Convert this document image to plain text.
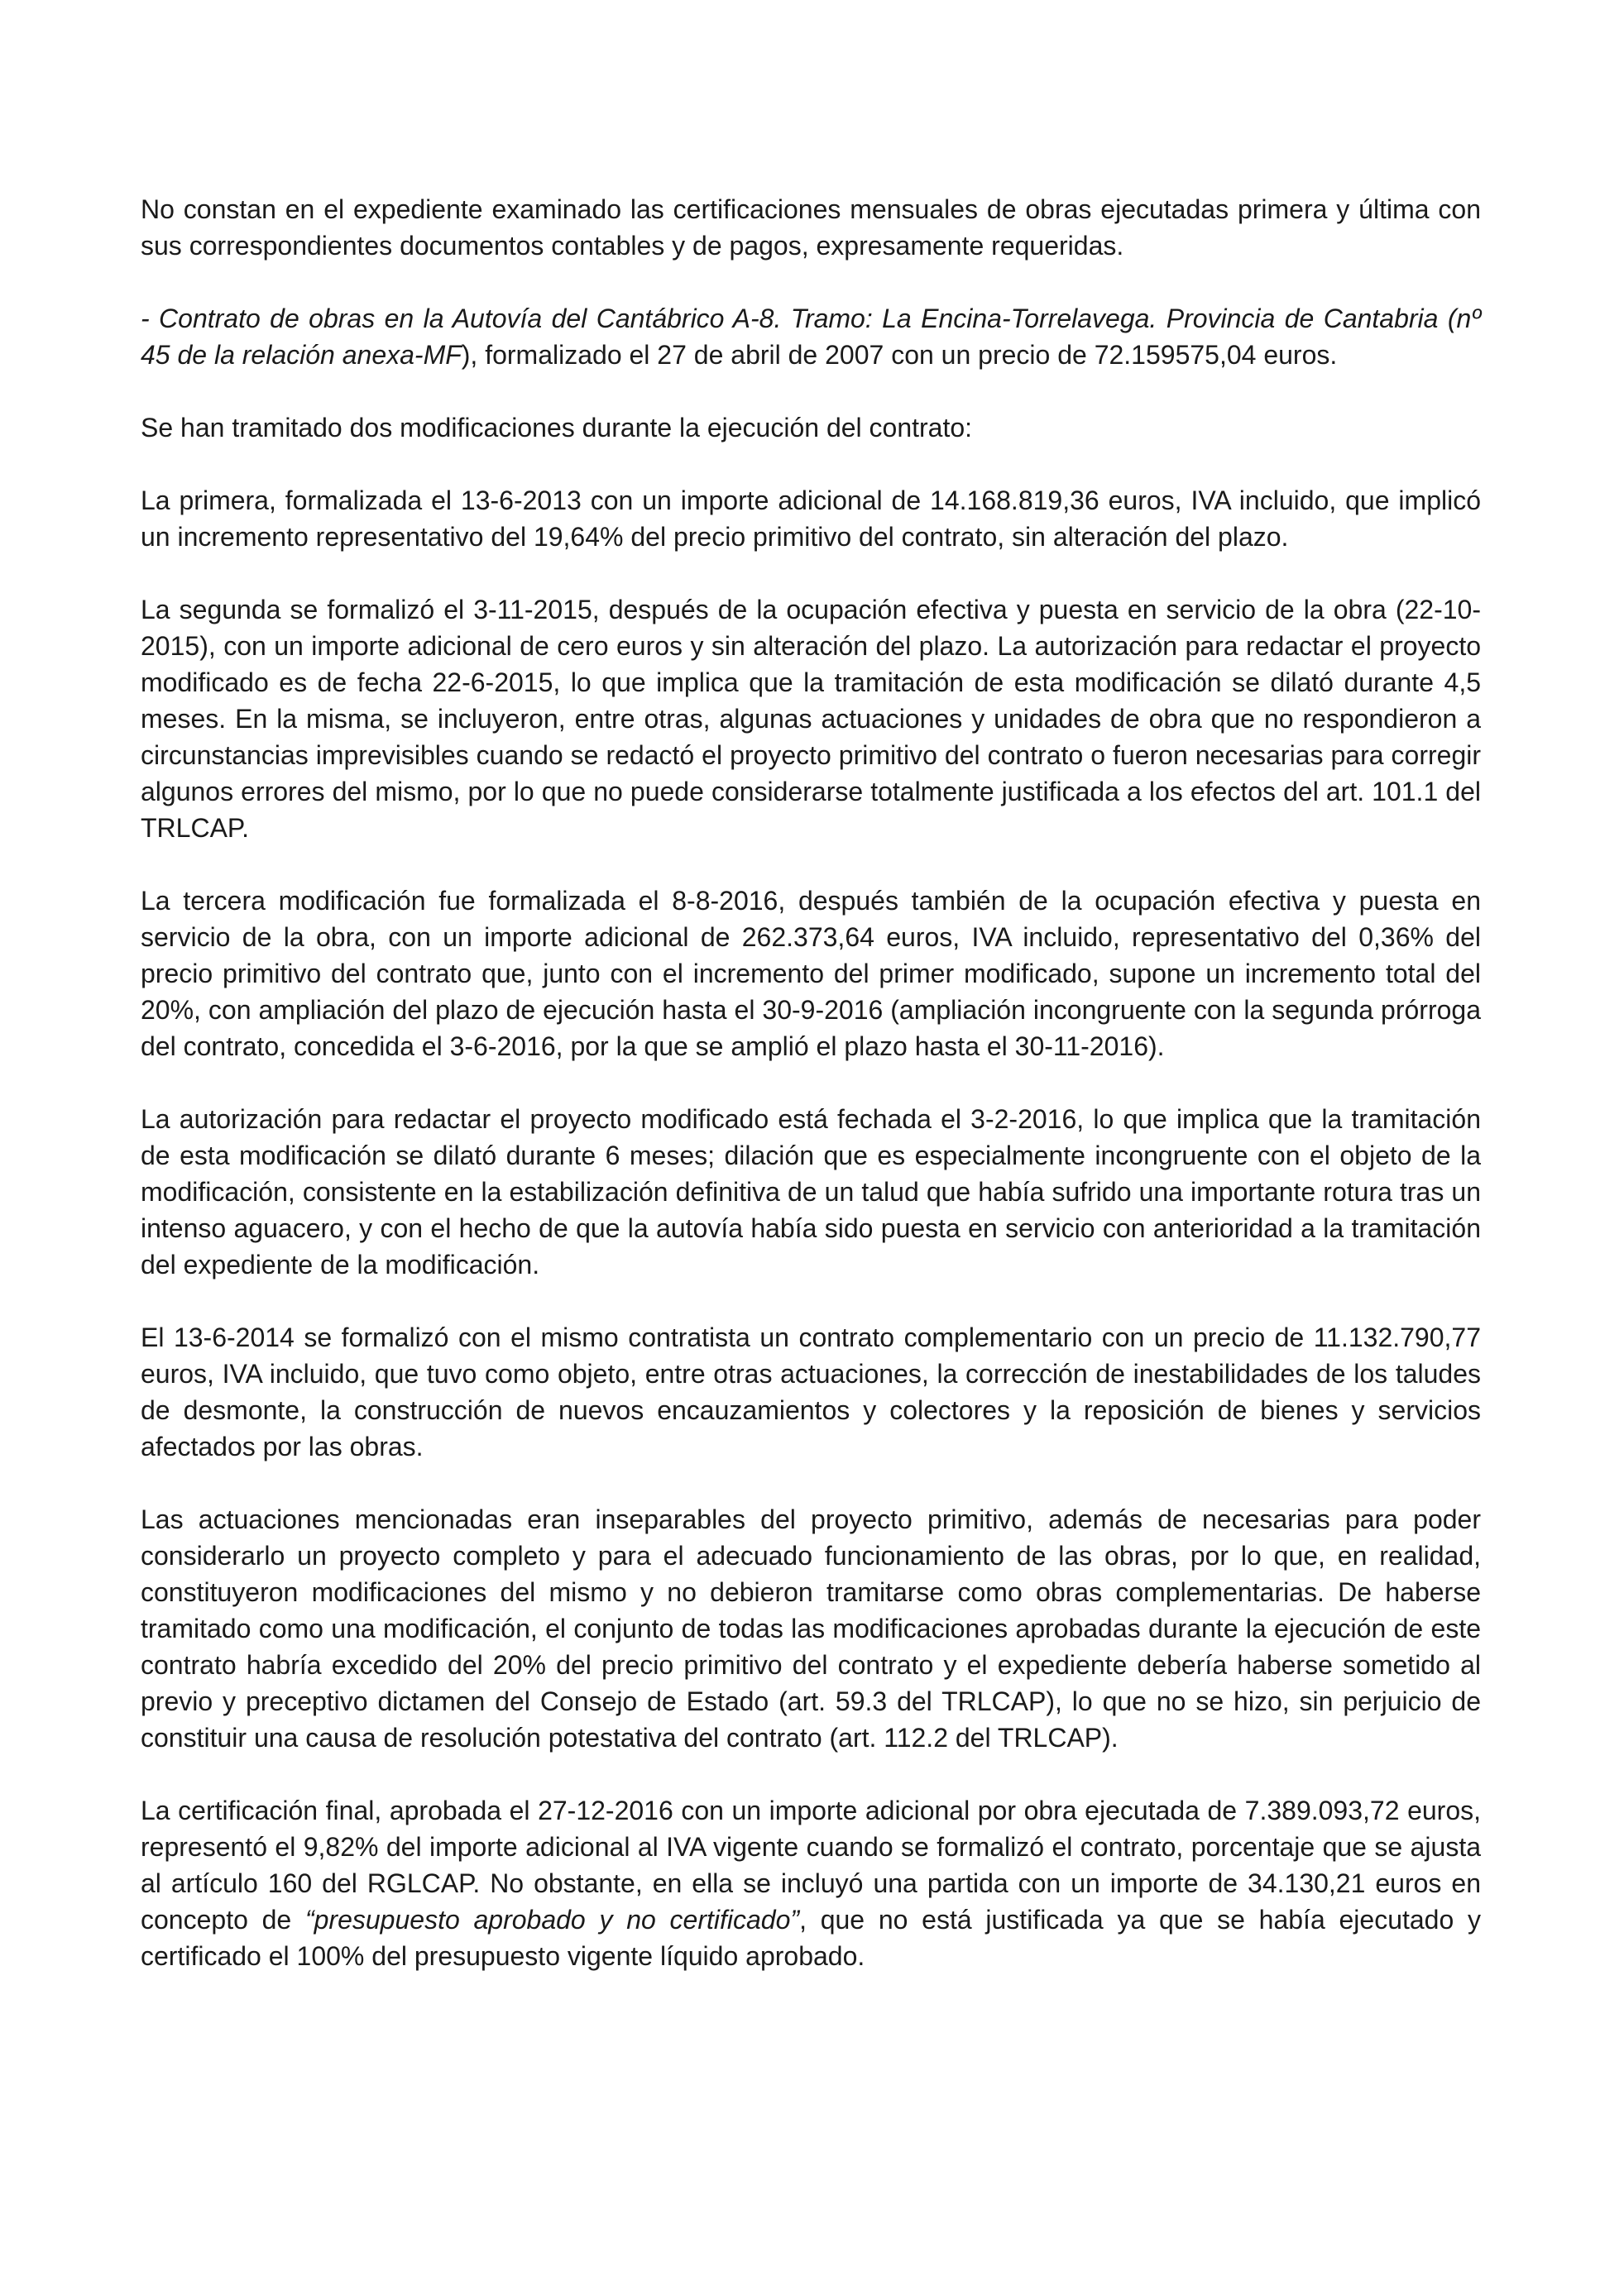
No constan en el expediente examinado las certificaciones mensuales de obras ejecutadas primera y última con sus correspondientes documentos contables y de pagos, expresamente requeridas.

- Contrato de obras en la Autovía del Cantábrico A-8. Tramo: La Encina-Torrelavega. Provincia de Cantabria (nº 45 de la relación anexa-MF), formalizado el 27 de abril de 2007 con un precio de 72.159575,04 euros.

Se han tramitado dos modificaciones durante la ejecución del contrato:

La primera, formalizada el 13-6-2013 con un importe adicional de 14.168.819,36 euros, IVA incluido, que implicó un incremento representativo del 19,64% del precio primitivo del contrato, sin alteración del plazo.

La segunda se formalizó el 3-11-2015, después de la ocupación efectiva y puesta en servicio de la obra (22-10-2015), con un importe adicional de cero euros y sin alteración del plazo. La autorización para redactar el proyecto modificado es de fecha 22-6-2015, lo que implica que la tramitación de esta modificación se dilató durante 4,5 meses. En la misma, se incluyeron, entre otras, algunas actuaciones y unidades de obra que no respondieron a circunstancias imprevisibles cuando se redactó el proyecto primitivo del contrato o fueron necesarias para corregir algunos errores del mismo, por lo que no puede considerarse totalmente justificada a los efectos del art. 101.1 del TRLCAP.

La tercera modificación fue formalizada el 8-8-2016, después también de la ocupación efectiva y puesta en servicio de la obra, con un importe adicional de 262.373,64 euros, IVA incluido, representativo del 0,36% del precio primitivo del contrato que, junto con el incremento del primer modificado, supone un incremento total del 20%, con ampliación del plazo de ejecución hasta el 30-9-2016 (ampliación incongruente con la segunda prórroga del contrato, concedida el 3-6-2016, por la que se amplió el plazo hasta el 30-11-2016).

La autorización para redactar el proyecto modificado está fechada el 3-2-2016, lo que implica que la tramitación de esta modificación se dilató durante 6 meses; dilación que es especialmente incongruente con el objeto de la modificación, consistente en la estabilización definitiva de un talud que había sufrido una importante rotura tras un intenso aguacero, y con el hecho de que la autovía había sido puesta en servicio con anterioridad a la tramitación del expediente de la modificación.

El 13-6-2014 se formalizó con el mismo contratista un contrato complementario con un precio de 11.132.790,77 euros, IVA incluido, que tuvo como objeto, entre otras actuaciones, la corrección de inestabilidades de los taludes de desmonte, la construcción de nuevos encauzamientos y colectores y la reposición de bienes y servicios afectados por las obras.

Las actuaciones mencionadas eran inseparables del proyecto primitivo, además de necesarias para poder considerarlo un proyecto completo y para el adecuado funcionamiento de las obras, por lo que, en realidad, constituyeron modificaciones del mismo y no debieron tramitarse como obras complementarias. De haberse tramitado como una modificación, el conjunto de todas las modificaciones aprobadas durante la ejecución de este contrato habría excedido del 20% del precio primitivo del contrato y el expediente debería haberse sometido al previo y preceptivo dictamen del Consejo de Estado (art. 59.3 del TRLCAP), lo que no se hizo, sin perjuicio de constituir una causa de resolución potestativa del contrato (art. 112.2 del TRLCAP).

La certificación final, aprobada el 27-12-2016 con un importe adicional por obra ejecutada de 7.389.093,72 euros, representó el 9,82% del importe adicional al IVA vigente cuando se formalizó el contrato, porcentaje que se ajusta al artículo 160 del RGLCAP. No obstante, en ella se incluyó una partida con un importe de 34.130,21 euros en concepto de “presupuesto aprobado y no certificado”, que no está justificada ya que se había ejecutado y certificado el 100% del presupuesto vigente líquido aprobado.
